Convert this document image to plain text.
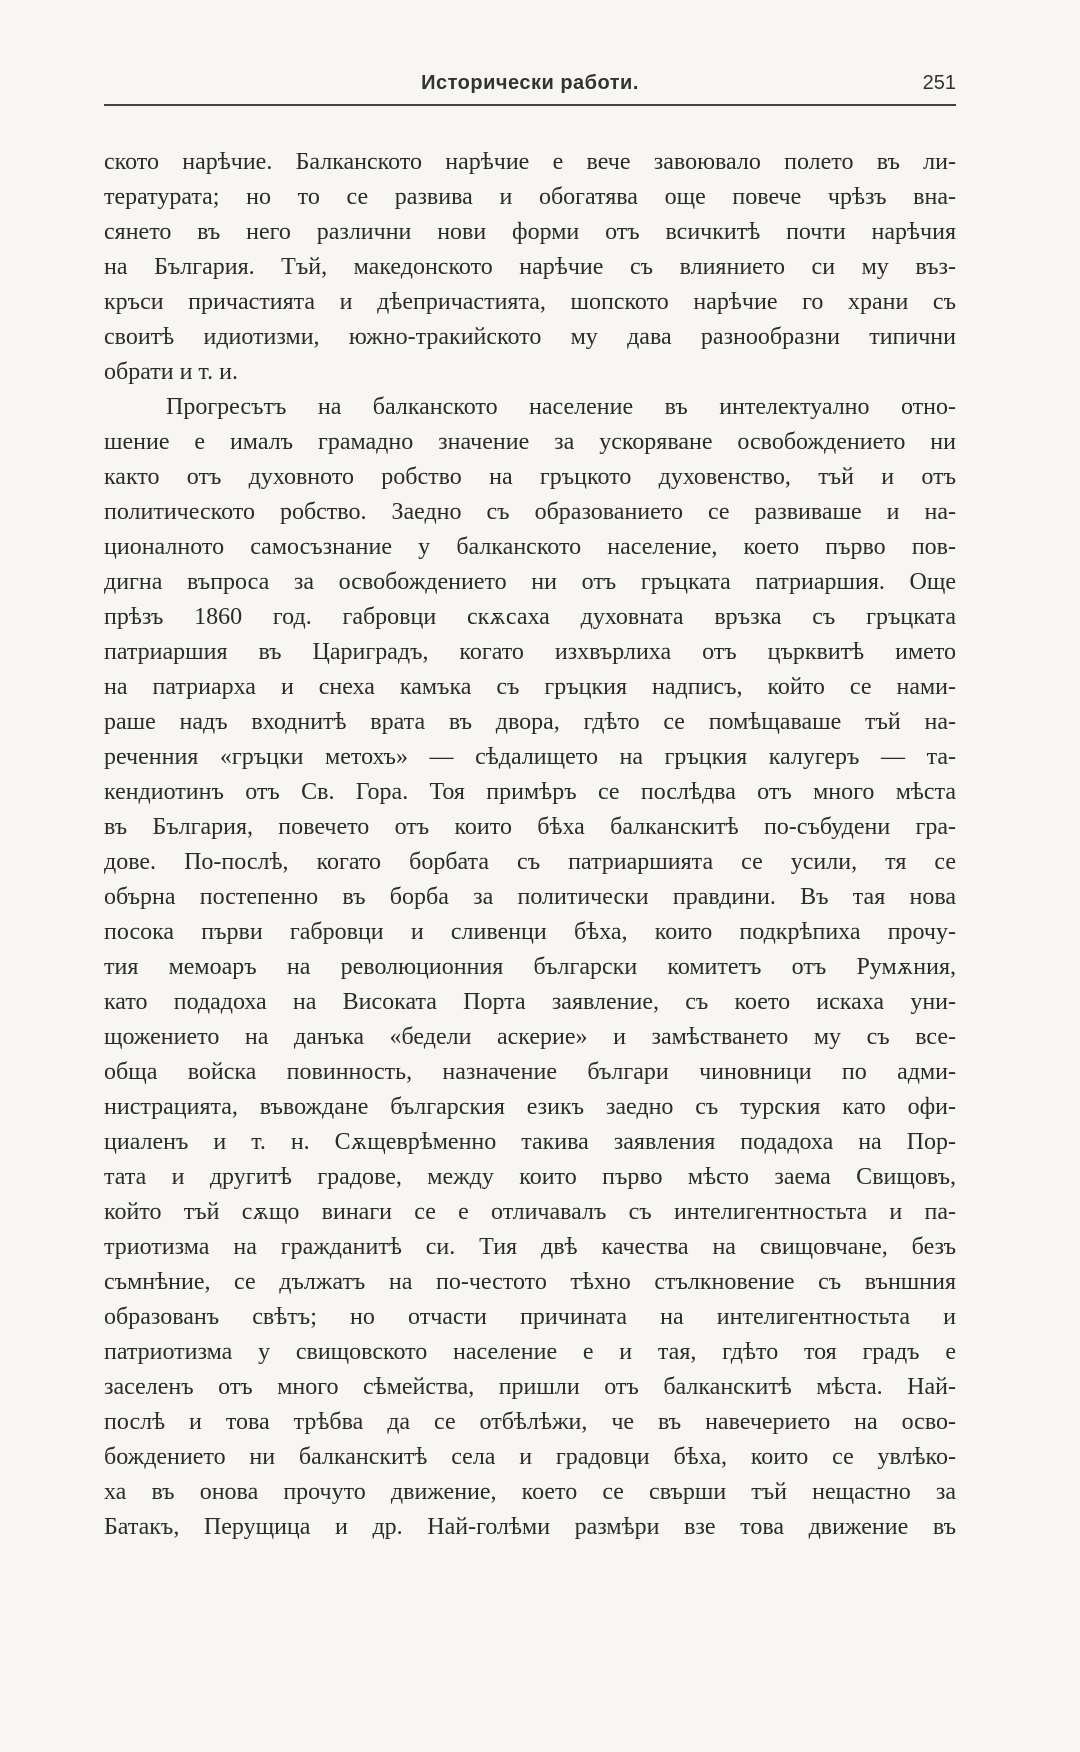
Исторически работи.	251
ското нарѣчие. Балканското нарѣчие е вече завоювало полето въ ли-
тературата; но то се развива и обогатява още повече чрѣзъ вна-
сянето въ него различни нови форми отъ всичкитѣ почти нарѣчия
на България. Тъй, македонското нарѣчие съ влиянието си му въз-
кръси причастията и дѣепричастията, шопското нарѣчие го храни съ
своитѣ идиотизми, южно-тракийското му дава разнообразни типични
обрати и т. и.
Прогресътъ на балканското население въ интелектуално отно-
шение е ималъ грамадно значение за ускоряване освобождението ни
както отъ духовното робство на гръцкото духовенство, тъй и отъ
политическото робство. Заедно съ образованието се развиваше и на-
ционалното самосъзнание у балканското население, което първо пов-
дигна въпроса за освобождението ни отъ гръцката патриаршия. Още
прѣзъ 1860 год. габровци скѫсаха духовната връзка съ гръцката
патриаршия въ Цариградъ, когато изхвърлиха отъ църквитѣ името
на патриарха и снеха камъка съ гръцкия надписъ, който се нами-
раше надъ входнитѣ врата въ двора, гдѣто се помѣщаваше тъй на-
реченния «гръцки метохъ» — сѣдалището на гръцкия калугеръ — та-
кендиотинъ отъ Св. Гора. Тоя примѣръ се послѣдва отъ много мѣста
въ България, повечето отъ които бѣха балканскитѣ по-събудени гра-
дове. По-послѣ, когато борбата съ патриаршията се усили, тя се
обърна постепенно въ борба за политически правдини. Въ тая нова
посока първи габровци и сливенци бѣха, които подкрѣпиха прочу-
тия мемоаръ на революционния български комитетъ отъ Румѫния,
като подадоха на Високата Порта заявление, съ което искаха уни-
щожението на данъка «бедели аскерие» и замѣстването му съ все-
обща войска повинность, назначение българи чиновници по адми-
нистрацията, въвождане българския езикъ заедно съ турския като офи-
циаленъ и т. н. Сѫщеврѣменно такива заявления подадоха на Пор-
тата и другитѣ градове, между които първо мѣсто заема Свищовъ,
който тъй сѫщо винаги се е отличавалъ съ интелигентностьта и па-
триотизма на гражданитѣ си. Тия двѣ качества на свищовчане, безъ
съмнѣние, се дължатъ на по-честото тѣхно стълкновение съ външния
образованъ свѣтъ; но отчасти причината на интелигентностьта и
патриотизма у свищовското население е и тая, гдѣто тоя градъ е
заселенъ отъ много сѣмейства, пришли отъ балканскитѣ мѣста. Най-
послѣ и това трѣбва да се отбѣлѣжи, че въ навечерието на осво-
бождението ни балканскитѣ села и градовци бѣха, които се увлѣко-
ха въ онова прочуто движение, което се свърши тъй нещастно за
Батакъ, Перущица и др. Най-голѣми размѣри взе това движение въ
